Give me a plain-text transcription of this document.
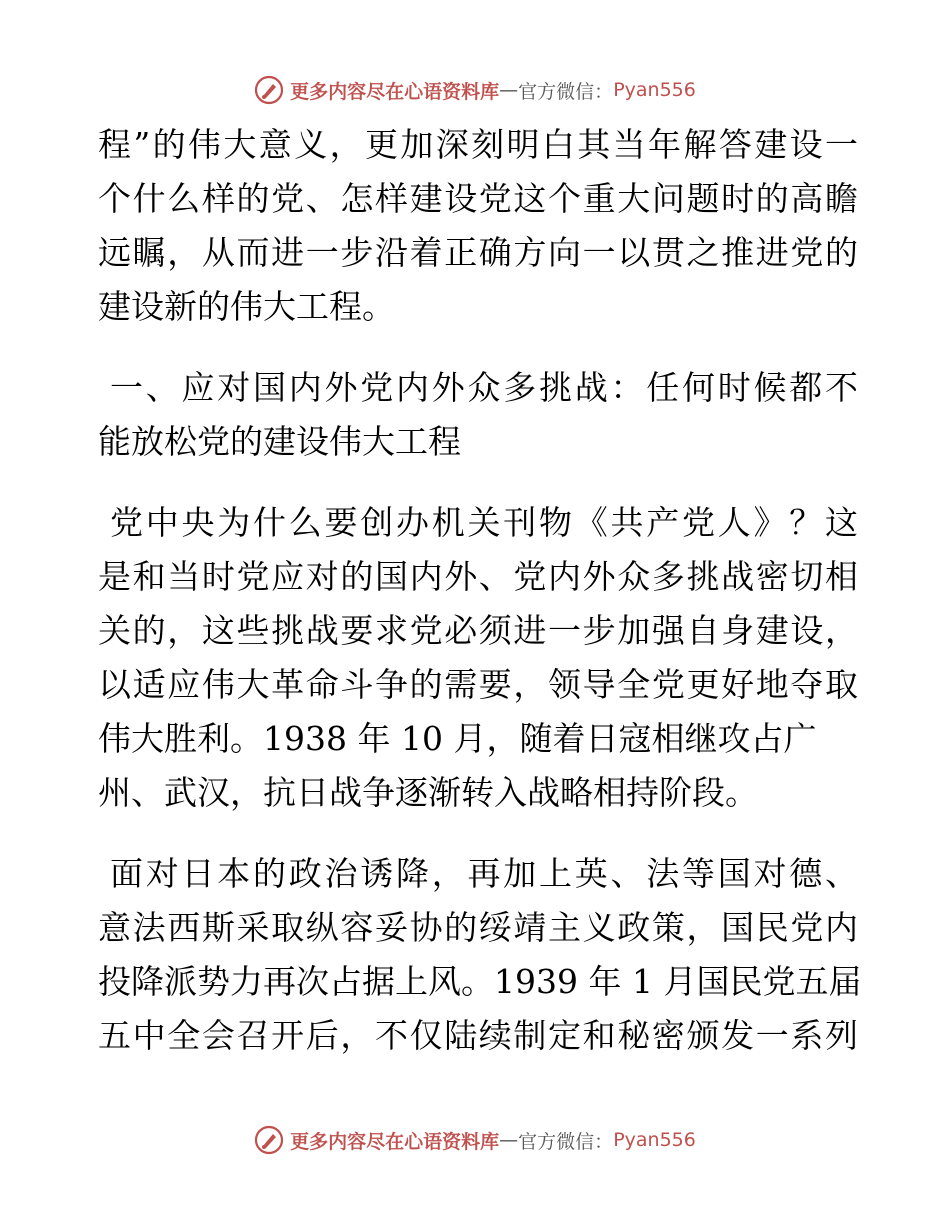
更多内容尽在心语资料库 — 官方微信： Pyan556

程”的伟大意义，更加深刻明白其当年解答建设一
个什么样的党、怎样建设党这个重大问题时的高瞻
远瞩，从而进一步沿着正确方向一以贯之推进党的
建设新的伟大工程。

一、应对国内外党内外众多挑战：任何时候都不
能放松党的建设伟大工程

党中央为什么要创办机关刊物《共产党人》？这
是和当时党应对的国内外、党内外众多挑战密切相
关的，这些挑战要求党必须进一步加强自身建设，
以适应伟大革命斗争的需要，领导全党更好地夺取
伟大胜利。1938 年 10 月，随着日寇相继攻占广
州、武汉，抗日战争逐渐转入战略相持阶段。

面对日本的政治诱降，再加上英、法等国对德、
意法西斯采取纵容妥协的绥靖主义政策，国民党内
投降派势力再次占据上风。1939 年 1 月国民党五届
五中全会召开后，不仅陆续制定和秘密颁发一系列

更多内容尽在心语资料库 — 官方微信： Pyan556
